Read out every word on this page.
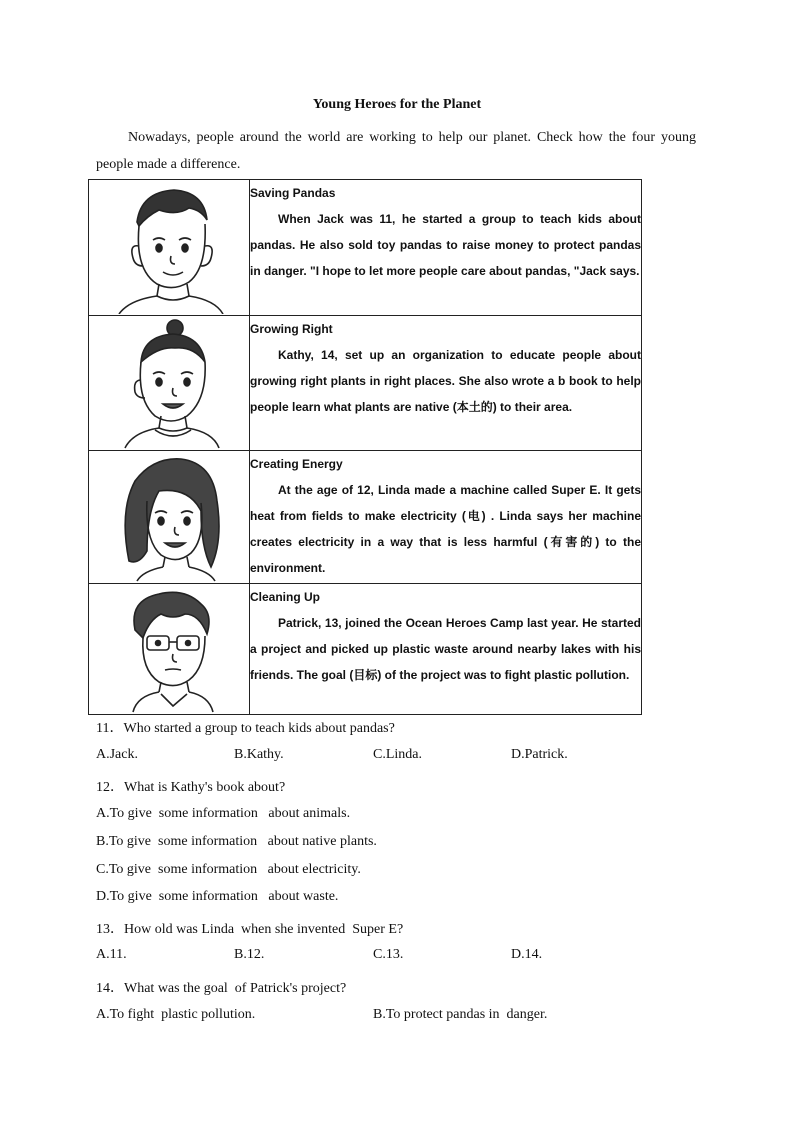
Young Heroes for the Planet
Nowadays, people around the world are working to help our planet. Check how the four young people made a difference.

Saving Pandas
When Jack was 11, he started a group to teach kids about pandas. He also sold toy pandas to raise money to protect pandas in danger. "I hope to let more people care about pandas, "Jack says.

Growing Right
Kathy, 14, set up an organization to educate people about growing right plants in right places. She also wrote a b book to help people learn what plants are native (本土的) to their area.

Creating Energy
At the age of 12, Linda made a machine called Super E. It gets heat from fields to make electricity (电) . Linda says her machine creates electricity in a way that is less harmful (有害的) to the environment.

Cleaning Up
Patrick, 13, joined the Ocean Heroes Camp last year. He started a project and picked up plastic waste around nearby lakes with his friends. The goal (目标) of the project was to fight plastic pollution.
11．Who started a group to teach kids about pandas?
A.Jack.	B.Kathy.	C.Linda.	D.Patrick.
12．What is Kathy's book about?
A.To give  some information   about animals.
B.To give  some information   about native plants.
C.To give  some information   about electricity.
D.To give  some information   about waste.
13．How old was Linda  when she invented  Super E?
A.11.	B.12.	C.13.	D.14.
14．What was the goal  of Patrick's project?
A.To fight  plastic pollution.	B.To protect pandas in  danger.
